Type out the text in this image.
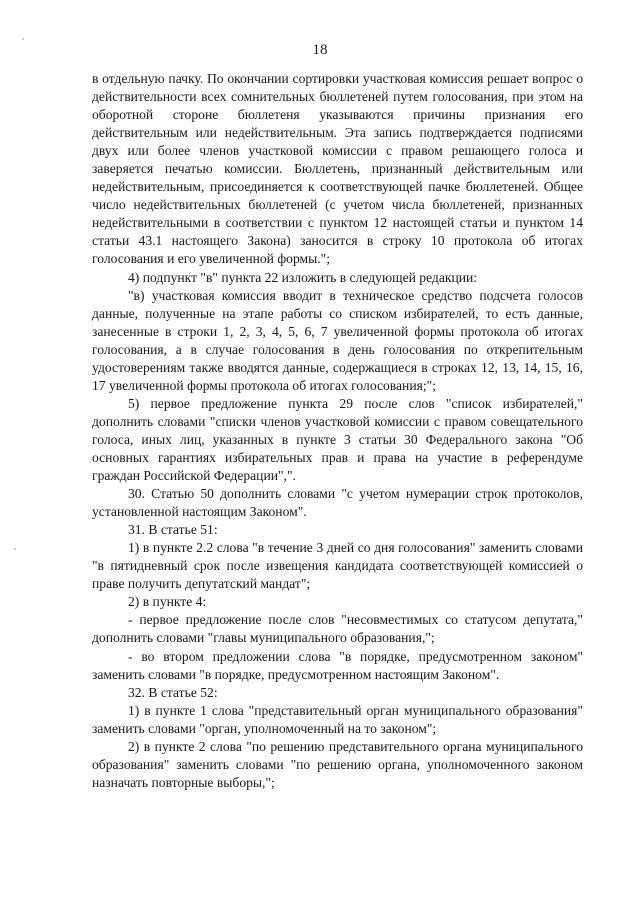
18

в отдельную пачку. По окончании сортировки участковая комиссия решает вопрос о действительности всех сомнительных бюллетеней путем голосования, при этом на оборотной стороне бюллетеня указываются причины признания его действительным или недействительным. Эта запись подтверждается подписями двух или более членов участковой комиссии с правом решающего голоса и заверяется печатью комиссии. Бюллетень, признанный действительным или недействительным, присоединяется к соответствующей пачке бюллетеней. Общее число недействительных бюллетеней (с учетом числа бюллетеней, признанных недействительными в соответствии с пунктом 12 настоящей статьи и пунктом 14 статьи 43.1 настоящего Закона) заносится в строку 10 протокола об итогах голосования и его увеличенной формы.";

4) подпункт "в" пункта 22 изложить в следующей редакции:

"в) участковая комиссия вводит в техническое средство подсчета голосов данные, полученные на этапе работы со списком избирателей, то есть данные, занесенные в строки 1, 2, 3, 4, 5, 6, 7 увеличенной формы протокола об итогах голосования, а в случае голосования в день голосования по открепительным удостоверениям также вводятся данные, содержащиеся в строках 12, 13, 14, 15, 16, 17 увеличенной формы протокола об итогах голосования;";

5) первое предложение пункта 29 после слов "список избирателей," дополнить словами "списки членов участковой комиссии с правом совещательного голоса, иных лиц, указанных в пункте 3 статьи 30 Федерального закона "Об основных гарантиях избирательных прав и права на участие в референдуме граждан Российской Федерации",".

30. Статью 50 дополнить словами "с учетом нумерации строк протоколов, установленной настоящим Законом".

31. В статье 51:

1) в пункте 2.2 слова "в течение 3 дней со дня голосования" заменить словами "в пятидневный срок после извещения кандидата соответствующей комиссией о праве получить депутатский мандат";

2) в пункте 4:

- первое предложение после слов "несовместимых со статусом депутата," дополнить словами "главы муниципального образования,";

- во втором предложении слова "в порядке, предусмотренном законом" заменить словами "в порядке, предусмотренном настоящим Законом".

32. В статье 52:

1) в пункте 1 слова "представительный орган муниципального образования" заменить словами "орган, уполномоченный на то законом";

2) в пункте 2 слова "по решению представительного органа муниципального образования" заменить словами "по решению органа, уполномоченного законом назначать повторные выборы,";
